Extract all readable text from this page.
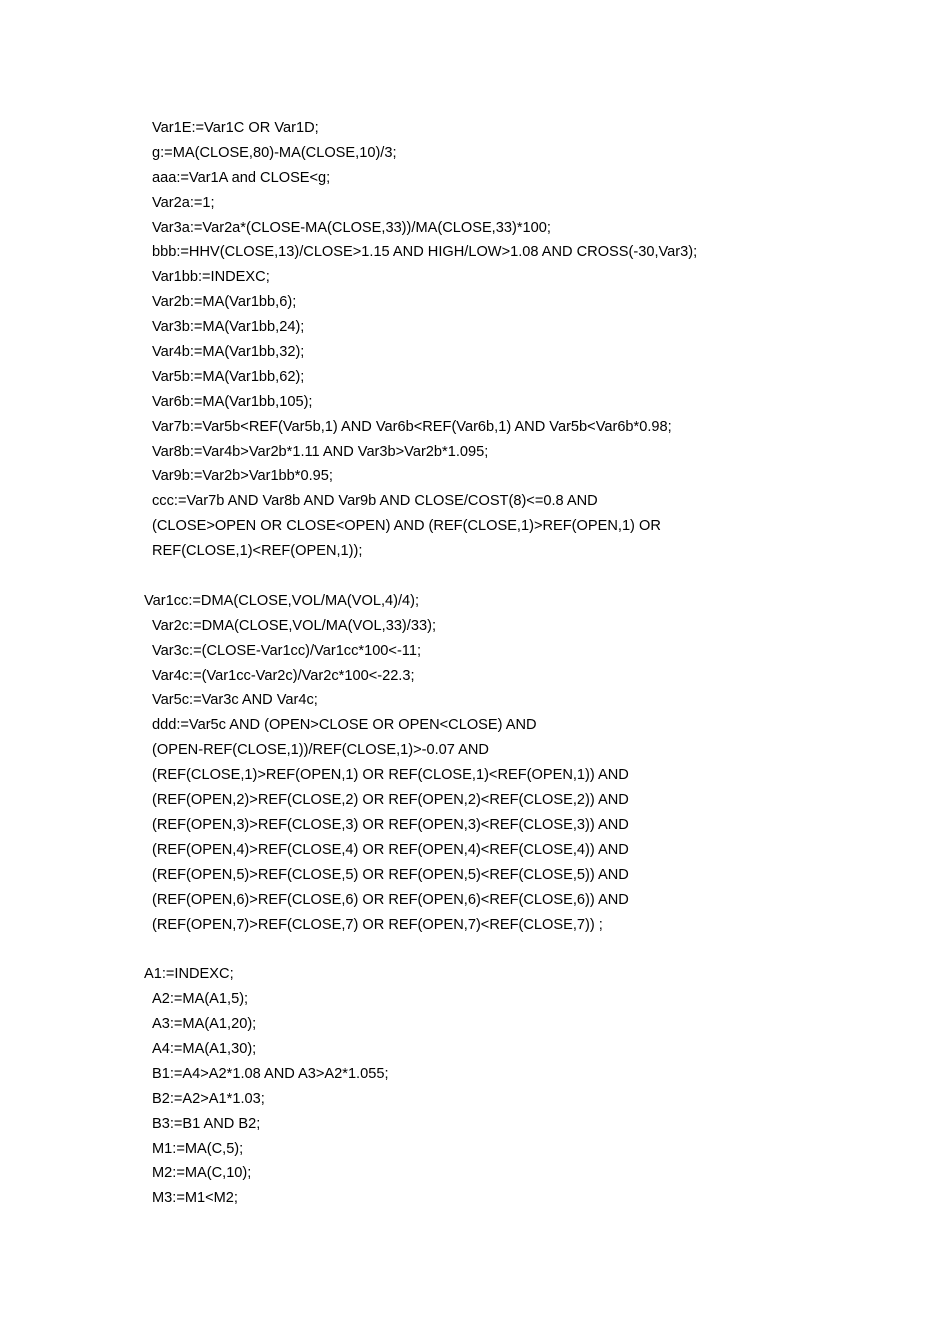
Var1E:=Var1C OR Var1D;
g:=MA(CLOSE,80)-MA(CLOSE,10)/3;
aaa:=Var1A and CLOSE<g;
Var2a:=1;
Var3a:=Var2a*(CLOSE-MA(CLOSE,33))/MA(CLOSE,33)*100;
bbb:=HHV(CLOSE,13)/CLOSE>1.15 AND HIGH/LOW>1.08 AND CROSS(-30,Var3);
Var1bb:=INDEXC;
Var2b:=MA(Var1bb,6);
Var3b:=MA(Var1bb,24);
Var4b:=MA(Var1bb,32);
Var5b:=MA(Var1bb,62);
Var6b:=MA(Var1bb,105);
Var7b:=Var5b<REF(Var5b,1) AND Var6b<REF(Var6b,1) AND Var5b<Var6b*0.98;
Var8b:=Var4b>Var2b*1.11 AND Var3b>Var2b*1.095;
Var9b:=Var2b>Var1bb*0.95;
ccc:=Var7b AND Var8b AND Var9b AND CLOSE/COST(8)<=0.8 AND
(CLOSE>OPEN OR CLOSE<OPEN) AND (REF(CLOSE,1)>REF(OPEN,1) OR
REF(CLOSE,1)<REF(OPEN,1));
Var1cc:=DMA(CLOSE,VOL/MA(VOL,4)/4);
Var2c:=DMA(CLOSE,VOL/MA(VOL,33)/33);
Var3c:=(CLOSE-Var1cc)/Var1cc*100<-11;
Var4c:=(Var1cc-Var2c)/Var2c*100<-22.3;
Var5c:=Var3c AND Var4c;
ddd:=Var5c AND (OPEN>CLOSE OR OPEN<CLOSE) AND
(OPEN-REF(CLOSE,1))/REF(CLOSE,1)>-0.07 AND
(REF(CLOSE,1)>REF(OPEN,1) OR REF(CLOSE,1)<REF(OPEN,1)) AND
(REF(OPEN,2)>REF(CLOSE,2) OR REF(OPEN,2)<REF(CLOSE,2)) AND
(REF(OPEN,3)>REF(CLOSE,3) OR REF(OPEN,3)<REF(CLOSE,3)) AND
(REF(OPEN,4)>REF(CLOSE,4) OR REF(OPEN,4)<REF(CLOSE,4)) AND
(REF(OPEN,5)>REF(CLOSE,5) OR REF(OPEN,5)<REF(CLOSE,5)) AND
(REF(OPEN,6)>REF(CLOSE,6) OR REF(OPEN,6)<REF(CLOSE,6)) AND
(REF(OPEN,7)>REF(CLOSE,7) OR REF(OPEN,7)<REF(CLOSE,7)) ;
A1:=INDEXC;
A2:=MA(A1,5);
A3:=MA(A1,20);
A4:=MA(A1,30);
B1:=A4>A2*1.08 AND A3>A2*1.055;
B2:=A2>A1*1.03;
B3:=B1 AND B2;
M1:=MA(C,5);
M2:=MA(C,10);
M3:=M1<M2;
